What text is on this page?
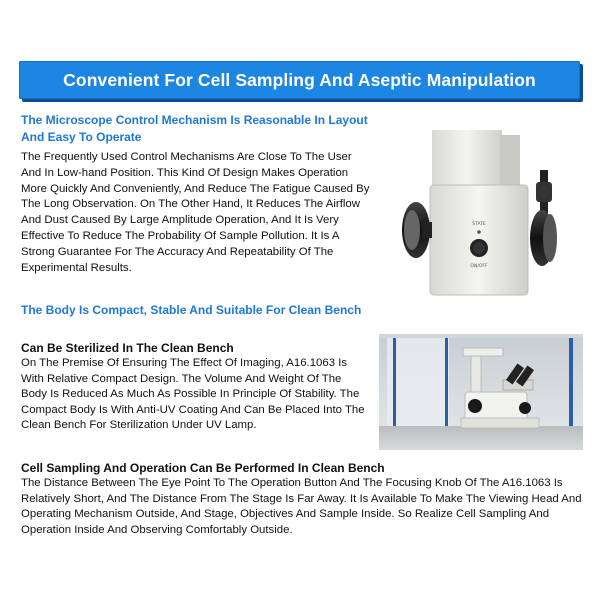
Convenient For Cell Sampling And Aseptic Manipulation
The Microscope Control Mechanism Is Reasonable In Layout And Easy To Operate
The Frequently Used Control Mechanisms Are Close To The User And In Low-hand Position. This Kind Of Design Makes Operation More Quickly And Conveniently, And Reduce The Fatigue Caused By The Long Observation. On The Other Hand, It Reduces The Airflow And Dust Caused By Large Amplitude Operation, And It Is Very Effective To Reduce The Probability Of Sample Pollution. It Is A Strong Guarantee For The Accuracy And Repeatability Of The Experimental Results.
STATE
ON/OFF
The Body Is Compact, Stable And Suitable For Clean Bench
Can Be Sterilized In The Clean Bench
On The Premise Of Ensuring The Effect Of Imaging, A16.1063 Is With Relative Compact Design. The Volume And Weight Of The Body Is Reduced As Much As Possible In Principle Of Stability. The Compact Body Is With Anti-UV Coating And Can Be Placed Into The Clean Bench For Sterilization Under UV Lamp.
Cell Sampling And Operation Can Be Performed In Clean Bench
The Distance Between The Eye Point To The Operation Button And The Focusing Knob Of The A16.1063 Is Relatively Short, And The Distance From The Stage Is Far Away. It Is Available To Make The Viewing Head And Operating Mechanism Outside, And Stage, Objectives And Sample Inside. So Realize Cell Sampling And Operation Inside And Observing Comfortably Outside.
